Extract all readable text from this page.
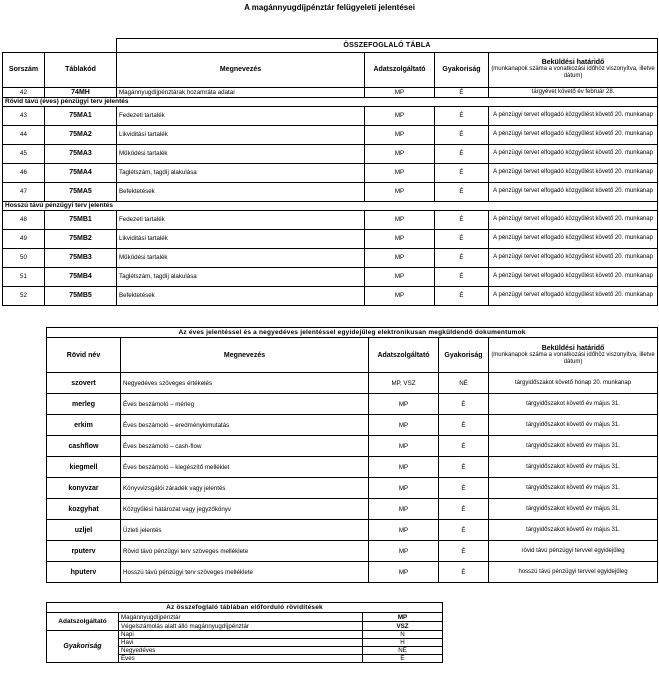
A magánnyugdíjpénztár felügyeleti jelentései

		ÖSSZEFOGLALÓ TÁBLA			
Sorszám	Táblakód	Megnevezés	Adatszolgáltató	Gyakoriság	Beküldési határidő
(munkanapok száma a vonatkozási időhöz viszonyítva, illetve dátum)

42	74MH	Magánnyugdíjpénztárak hozamráta adatai	MP	É	tárgyévet követő év február 28.
Rövid távú (éves) pénzügyi terv jelentés					
43	75MA1	Fedezeti tartalék	MP	É	A pénzügyi tervet elfogadó közgyűlést követő 20. munkanap
44	75MA2	Likviditási tartalék	MP	É	A pénzügyi tervet elfogadó közgyűlést követő 20. munkanap
45	75MA3	Működési tartalék	MP	É	A pénzügyi tervet elfogadó közgyűlést követő 20. munkanap
46	75MA4	Taglétszám, tagdíj alakulása	MP	É	A pénzügyi tervet elfogadó közgyűlést követő 20. munkanap
47	75MA5	Befektetések	MP	É	A pénzügyi tervet elfogadó közgyűlést követő 20. munkanap
Hosszú távú pénzügyi terv jelentés					
48	75MB1	Fedezeti tartalék	MP	É	A pénzügyi tervet elfogadó közgyűlést követő 20. munkanap
49	75MB2	Likviditási tartalék	MP	É	A pénzügyi tervet elfogadó közgyűlést követő 20. munkanap
50	75MB3	Működési tartalék	MP	É	A pénzügyi tervet elfogadó közgyűlést követő 20. munkanap
51	75MB4	Taglétszám, tagdíj alakulása	MP	É	A pénzügyi tervet elfogadó közgyűlést követő 20. munkanap
52	75MB5	Befektetések	MP	É	A pénzügyi tervet elfogadó közgyűlést követő 20. munkanap
Az éves jelentéssel és a negyedéves jelentéssel egyidejűleg elektronikusan megküldendő dokumentumok				
Rövid név	Megnevezés	Adatszolgáltató	Gyakoriság	Beküldési határidő
(munkanapok száma a vonatkozási időhöz viszonyítva, illetve dátum)

szovert	Negyedéves szöveges értékelés	MP, VSZ	NÉ	tárgyidőszakot követő hónap 20. munkanap
merleg	Éves beszámoló – mérleg	MP	É	tárgyidőszakot követő év május 31.
erkim	Éves beszámoló – eredménykimutatás	MP	É	tárgyidőszakot követő év május 31.
cashflow	Éves beszámoló – cash-flow	MP	É	tárgyidőszakot követő év május 31.
kiegmell	Éves beszámoló – kiegészítő melléklet	MP	É	tárgyidőszakot követő év május 31.
konyvzar	Könyvvizsgálói záradék vagy jelentés	MP	É	tárgyidőszakot követő év május 31.
kozgyhat	Közgyűlési határozat vagy jegyzőkönyv	MP	É	tárgyidőszakot követő év május 31.
uzljel	Üzleti jelentés	MP	É	tárgyidőszakot követő év május 31.
rputerv	Rövid távú pénzügyi terv szöveges melléklete	MP	É	rövid távú pénzügyi tervvel egyidejűleg
hputerv	Hosszú távú pénzügyi terv szöveges melléklete	MP	É	hosszú távú pénzügyi tervvel egyidejűleg
Az összefoglaló táblában előforduló rövidítések		
Adatszolgáltató	Magánnyugdíjpénztár	MP
	Végelszámolás alatt álló magánnyugdíjpénztár	VSZ
Gyakoriság	Napi	N
	Havi	H
	Negyedéves	NÉ
	Éves	É
